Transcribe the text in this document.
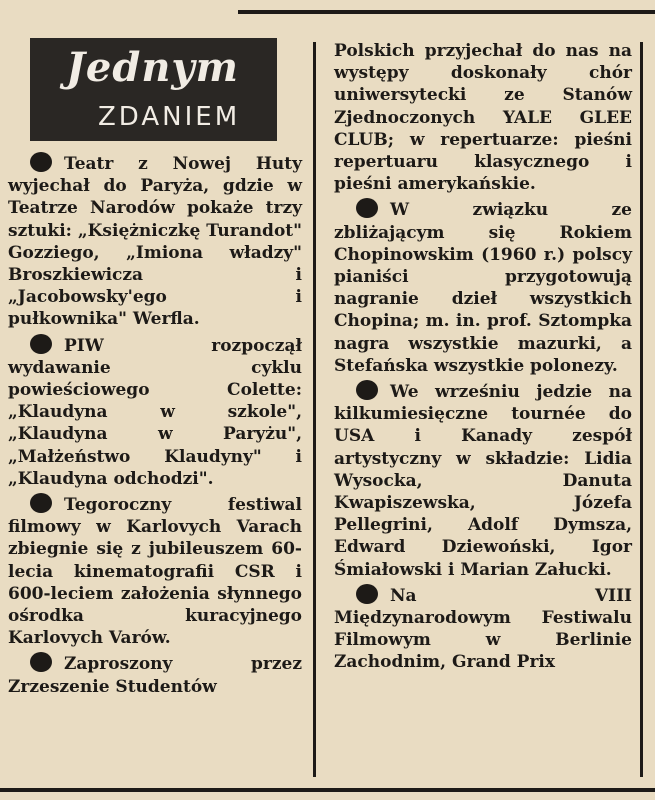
Jednym
ZDANIEM

Teatr z Nowej Huty wyjechał do Paryża, gdzie w Teatrze Narodów pokaże trzy sztuki: „Księżniczkę Turandot" Gozziego, „Imiona władzy" Broszkiewicza i „Jacobowsky'ego i pułkownika" Werfla.

PIW rozpoczął wydawanie cyklu powieściowego Colette: „Klaudyna w szkole", „Klaudyna w Paryżu", „Małżeństwo Klaudyny" i „Klaudyna odchodzi".

Tegoroczny festiwal filmowy w Karlovych Varach zbiegnie się z jubileuszem 60-lecia kinematografii CSR i 600-leciem założenia słynnego ośrodka kuracyjnego Karlovych Varów.

Zaproszony przez Zrzeszenie Studentów

Polskich przyjechał do nas na występy doskonały chór uniwersytecki ze Stanów Zjednoczonych YALE GLEE CLUB; w repertuarze: pieśni repertuaru klasycznego i pieśni amerykańskie.

W związku ze zbliżającym się Rokiem Chopinowskim (1960 r.) polscy pianiści przygotowują nagranie dzieł wszystkich Chopina; m. in. prof. Sztompka nagra wszystkie mazurki, a Stefańska wszystkie polonezy.

We wrześniu jedzie na kilkumiesięczne tournée do USA i Kanady zespół artystyczny w składzie: Lidia Wysocka, Danuta Kwapiszewska, Józefa Pellegrini, Adolf Dymsza, Edward Dziewoński, Igor Śmiałowski i Marian Załucki.

Na VIII Międzynarodowym Festiwalu Filmowym w Berlinie Zachodnim, Grand Prix
